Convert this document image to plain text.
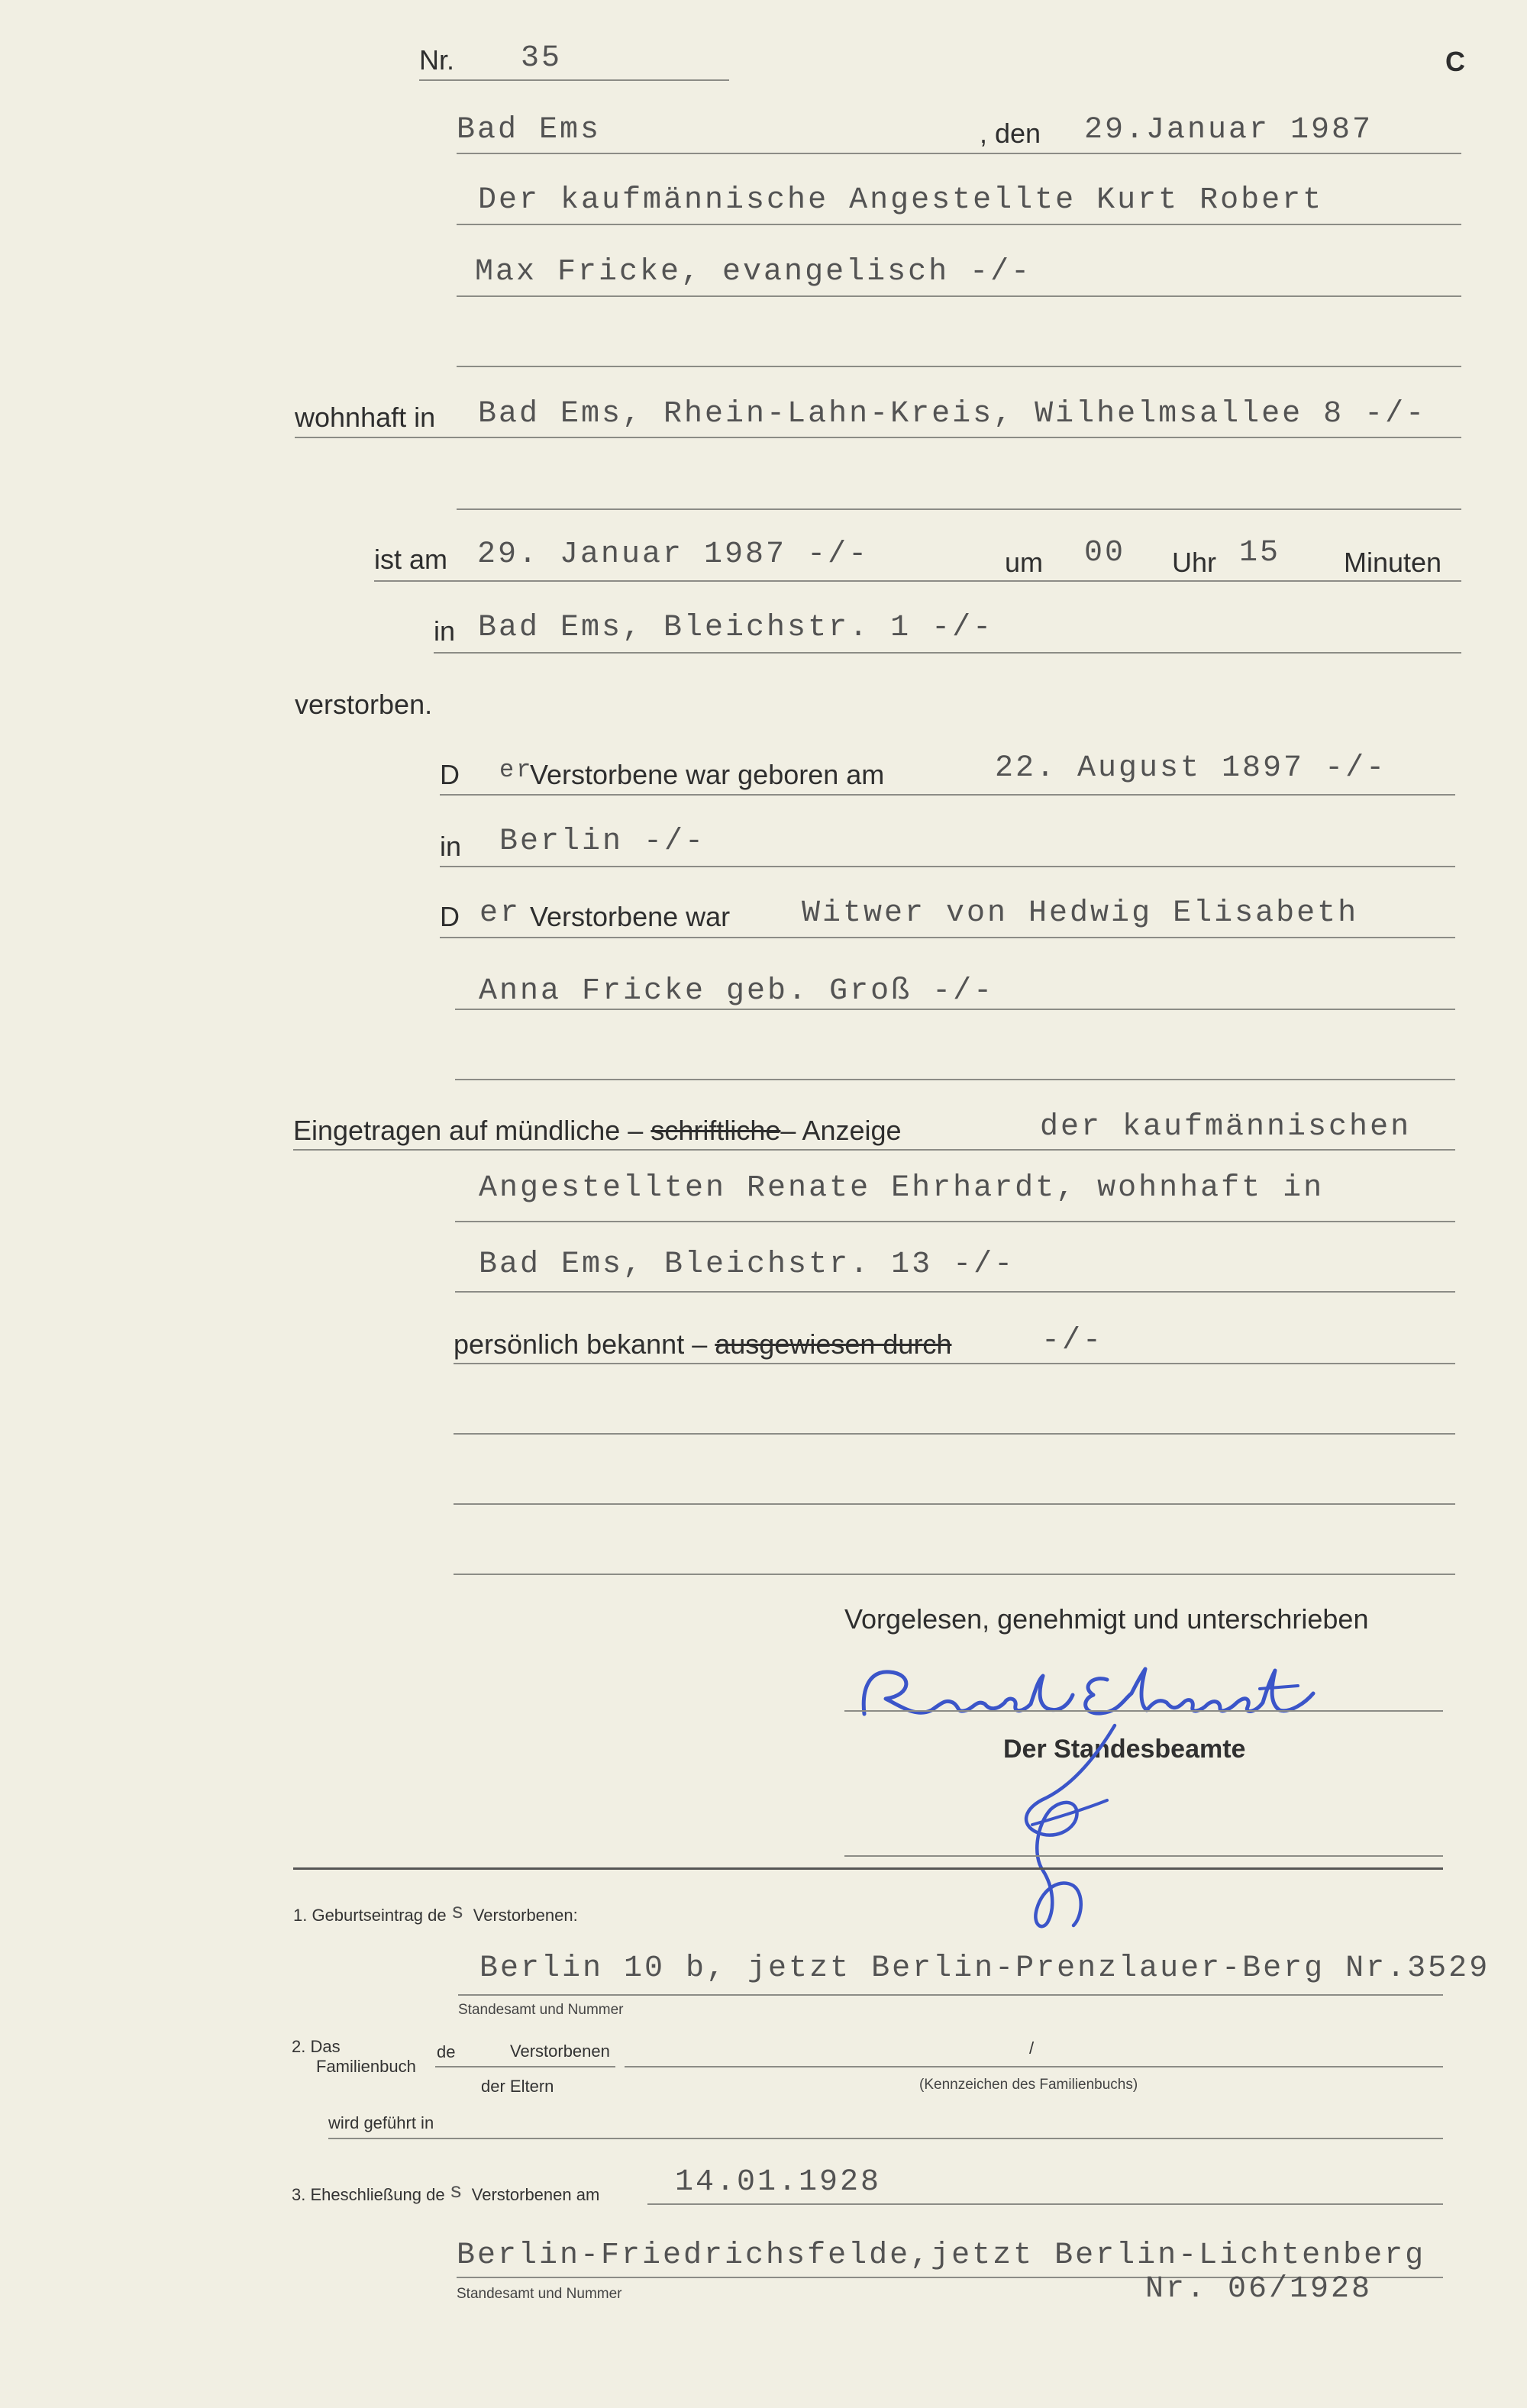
Nr. 35	C
Bad Ems	, den 29.Januar 1987
Der kaufmännische Angestellte Kurt Robert
Max Fricke, evangelisch -/-
wohnhaft in Bad Ems, Rhein-Lahn-Kreis, Wilhelmsallee 8 -/-
ist am 29. Januar 1987 -/-	um 00 Uhr 15 Minuten
in Bad Ems, Bleichstr. 1 -/-
verstorben.
D er
Verstorbene war geboren am	22. August 1897 -/-
in Berlin -/-
D er Verstorbene war Witwer von Hedwig Elisabeth
Anna Fricke geb. Groß -/-
Eingetragen auf mündliche – schriftliche– Anzeige	der kaufmännischen
Angestellten Renate Ehrhardt, wohnhaft in
Bad Ems, Bleichstr. 13 -/-
persönlich bekannt – ausgewiesen durch	-/-
Vorgelesen, genehmigt und unterschrieben
Der Standesbeamte
1. Geburtseintrag de s Verstorbenen:
Berlin 10 b, jetzt Berlin-Prenzlauer-Berg Nr.3529
Standesamt und Nummer
2. Das
Familienbuch
de	Verstorbenen
der Eltern
/
(Kennzeichen des Familienbuchs)
wird geführt in
3. Eheschließung de s Verstorbenen am 14.01.1928
Berlin-Friedrichsfelde,jetzt Berlin-Lichtenberg
Standesamt und Nummer	Nr. 06/1928
